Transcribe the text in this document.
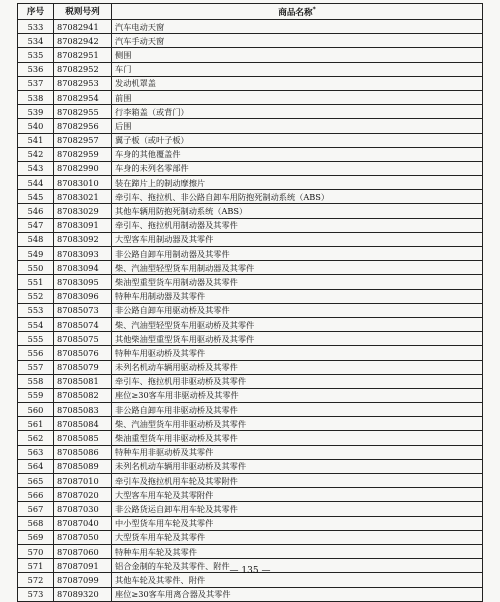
序号	税则号列	商品名称*
533	87082941	汽车电动天窗
534	87082942	汽车手动天窗
535	87082951	侧围
536	87082952	车门
537	87082953	发动机罩盖
538	87082954	前围
539	87082955	行李箱盖（或背门）
540	87082956	后围
541	87082957	翼子板（或叶子板）
542	87082959	车身的其他覆盖件
543	87082990	车身的未列名零部件
544	87083010	装在蹄片上的制动摩擦片
545	87083021	牵引车、拖拉机、非公路自卸车用防抱死制动系统（ABS）
546	87083029	其他车辆用防抱死制动系统（ABS）
547	87083091	牵引车、拖拉机用制动器及其零件
548	87083092	大型客车用制动器及其零件
549	87083093	非公路自卸车用制动器及其零件
550	87083094	柴、汽油型轻型货车用制动器及其零件
551	87083095	柴油型重型货车用制动器及其零件
552	87083096	特种车用制动器及其零件
553	87085073	非公路自卸车用驱动桥及其零件
554	87085074	柴、汽油型轻型货车用驱动桥及其零件
555	87085075	其他柴油型重型货车用驱动桥及其零件
556	87085076	特种车用驱动桥及其零件
557	87085079	未列名机动车辆用驱动桥及其零件
558	87085081	牵引车、拖拉机用非驱动桥及其零件
559	87085082	座位≥30客车用非驱动桥及其零件
560	87085083	非公路自卸车用非驱动桥及其零件
561	87085084	柴、汽油型货车用非驱动桥及其零件
562	87085085	柴油重型货车用非驱动桥及其零件
563	87085086	特种车用非驱动桥及其零件
564	87085089	未列名机动车辆用非驱动桥及其零件
565	87087010	牵引车及拖拉机用车轮及其零附件
566	87087020	大型客车用车轮及其零附件
567	87087030	非公路货运自卸车用车轮及其零件
568	87087040	中小型货车用车轮及其零件
569	87087050	大型货车用车轮及其零件
570	87087060	特种车用车轮及其零件
571	87087091	铝合金制的车轮及其零件、附件
572	87087099	其他车轮及其零件、附件
573	87089320	座位≥30客车用离合器及其零件
— 135 —
